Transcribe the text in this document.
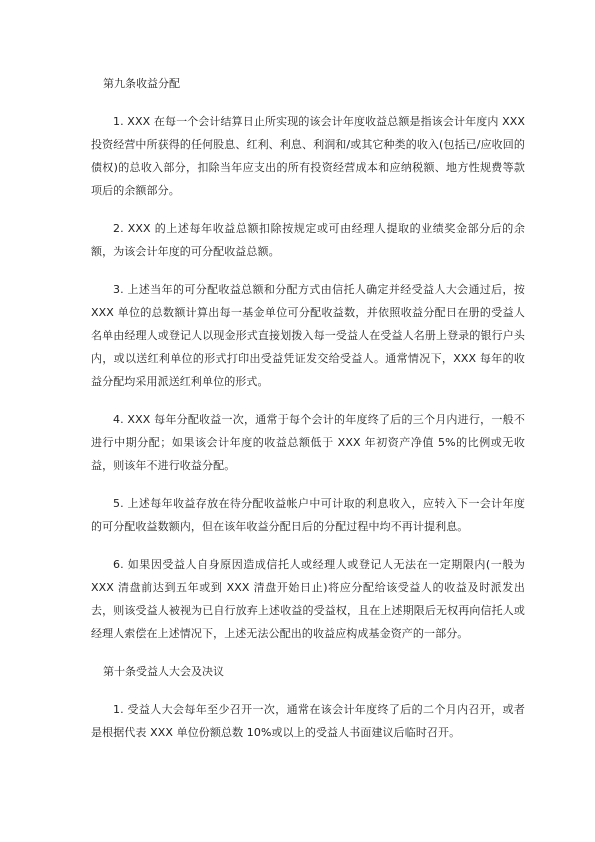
第九条收益分配

1. XXX 在每一个会计结算日止所实现的该会计年度收益总额是指该会计年度内 XXX 投资经营中所获得的任何股息、红利、利息、利润和/或其它种类的收入(包括已/应收回的债权)的总收入部分，扣除当年应支出的所有投资经营成本和应纳税额、地方性规费等款项后的余额部分。

2. XXX 的上述每年收益总额扣除按规定或可由经理人提取的业绩奖金部分后的余额，为该会计年度的可分配收益总额。

3. 上述当年的可分配收益总额和分配方式由信托人确定并经受益人大会通过后，按 XXX 单位的总数额计算出每一基金单位可分配收益数，并依照收益分配日在册的受益人名单由经理人或登记人以现金形式直接划拨入每一受益人在受益人名册上登录的银行户头内，或以送红利单位的形式打印出受益凭证发交给受益人。通常情况下，XXX 每年的收益分配均采用派送红利单位的形式。

4. XXX 每年分配收益一次，通常于每个会计的年度终了后的三个月内进行，一般不进行中期分配；如果该会计年度的收益总额低于 XXX 年初资产净值 5%的比例或无收益，则该年不进行收益分配。

5. 上述每年收益存放在待分配收益帐户中可计取的利息收入，应转入下一会计年度的可分配收益数额内，但在该年收益分配日后的分配过程中均不再计提利息。

6. 如果因受益人自身原因造成信托人或经理人或登记人无法在一定期限内(一般为 XXX 清盘前达到五年或到 XXX 清盘开始日止)将应分配给该受益人的收益及时派发出去，则该受益人被视为已自行放弃上述收益的受益权，且在上述期限后无权再向信托人或经理人索偿在上述情况下，上述无法公配出的收益应构成基金资产的一部分。

第十条受益人大会及决议

1. 受益人大会每年至少召开一次，通常在该会计年度终了后的二个月内召开，或者是根据代表 XXX 单位份额总数 10%或以上的受益人书面建议后临时召开。
